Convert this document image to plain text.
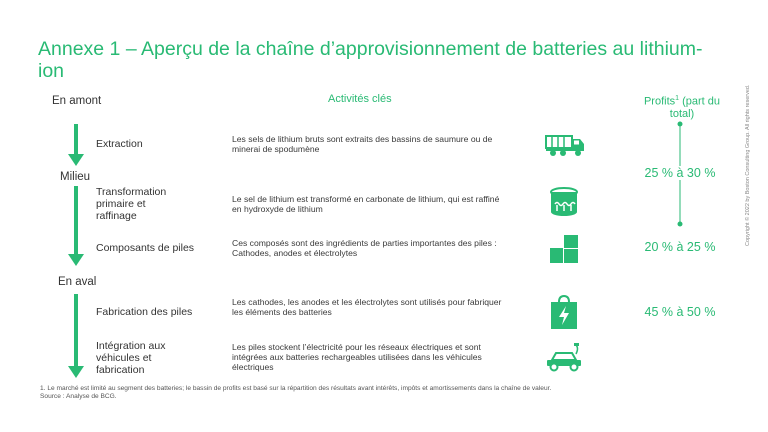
Annexe 1 – Aperçu de la chaîne d’approvisionnement de batteries au lithium-ion
En amont	Activités clés	Profits$^1$ (part du total)
Milieu
En aval
Extraction
Transformation primaire et raffinage
Composants de piles
Fabrication des piles
Intégration aux véhicules et fabrication
Les sels de lithium bruts sont extraits des bassins de saumure ou de minerai de spodumène
Le sel de lithium est transformé en carbonate de lithium, qui est raffiné en hydroxyde de lithium
Ces composés sont des ingrédients de parties importantes des piles : Cathodes, anodes et électrolytes
Les cathodes, les anodes et les électrolytes sont utilisés pour fabriquer les éléments des batteries
Les piles stockent l’électricité pour les réseaux électriques et sont intégrées aux batteries rechargeables utilisées dans les véhicules électriques
25 % à 30 %
20 % à 25 %
45 % à 50 %
1. Le marché est limité au segment des batteries; le bassin de profits est basé sur la répartition des résultats avant intérêts, impôts et amortissements dans la chaîne de valeur.
Source : Analyse de BCG.
Copyright © 2022 by Boston Consulting Group. All rights reserved.
